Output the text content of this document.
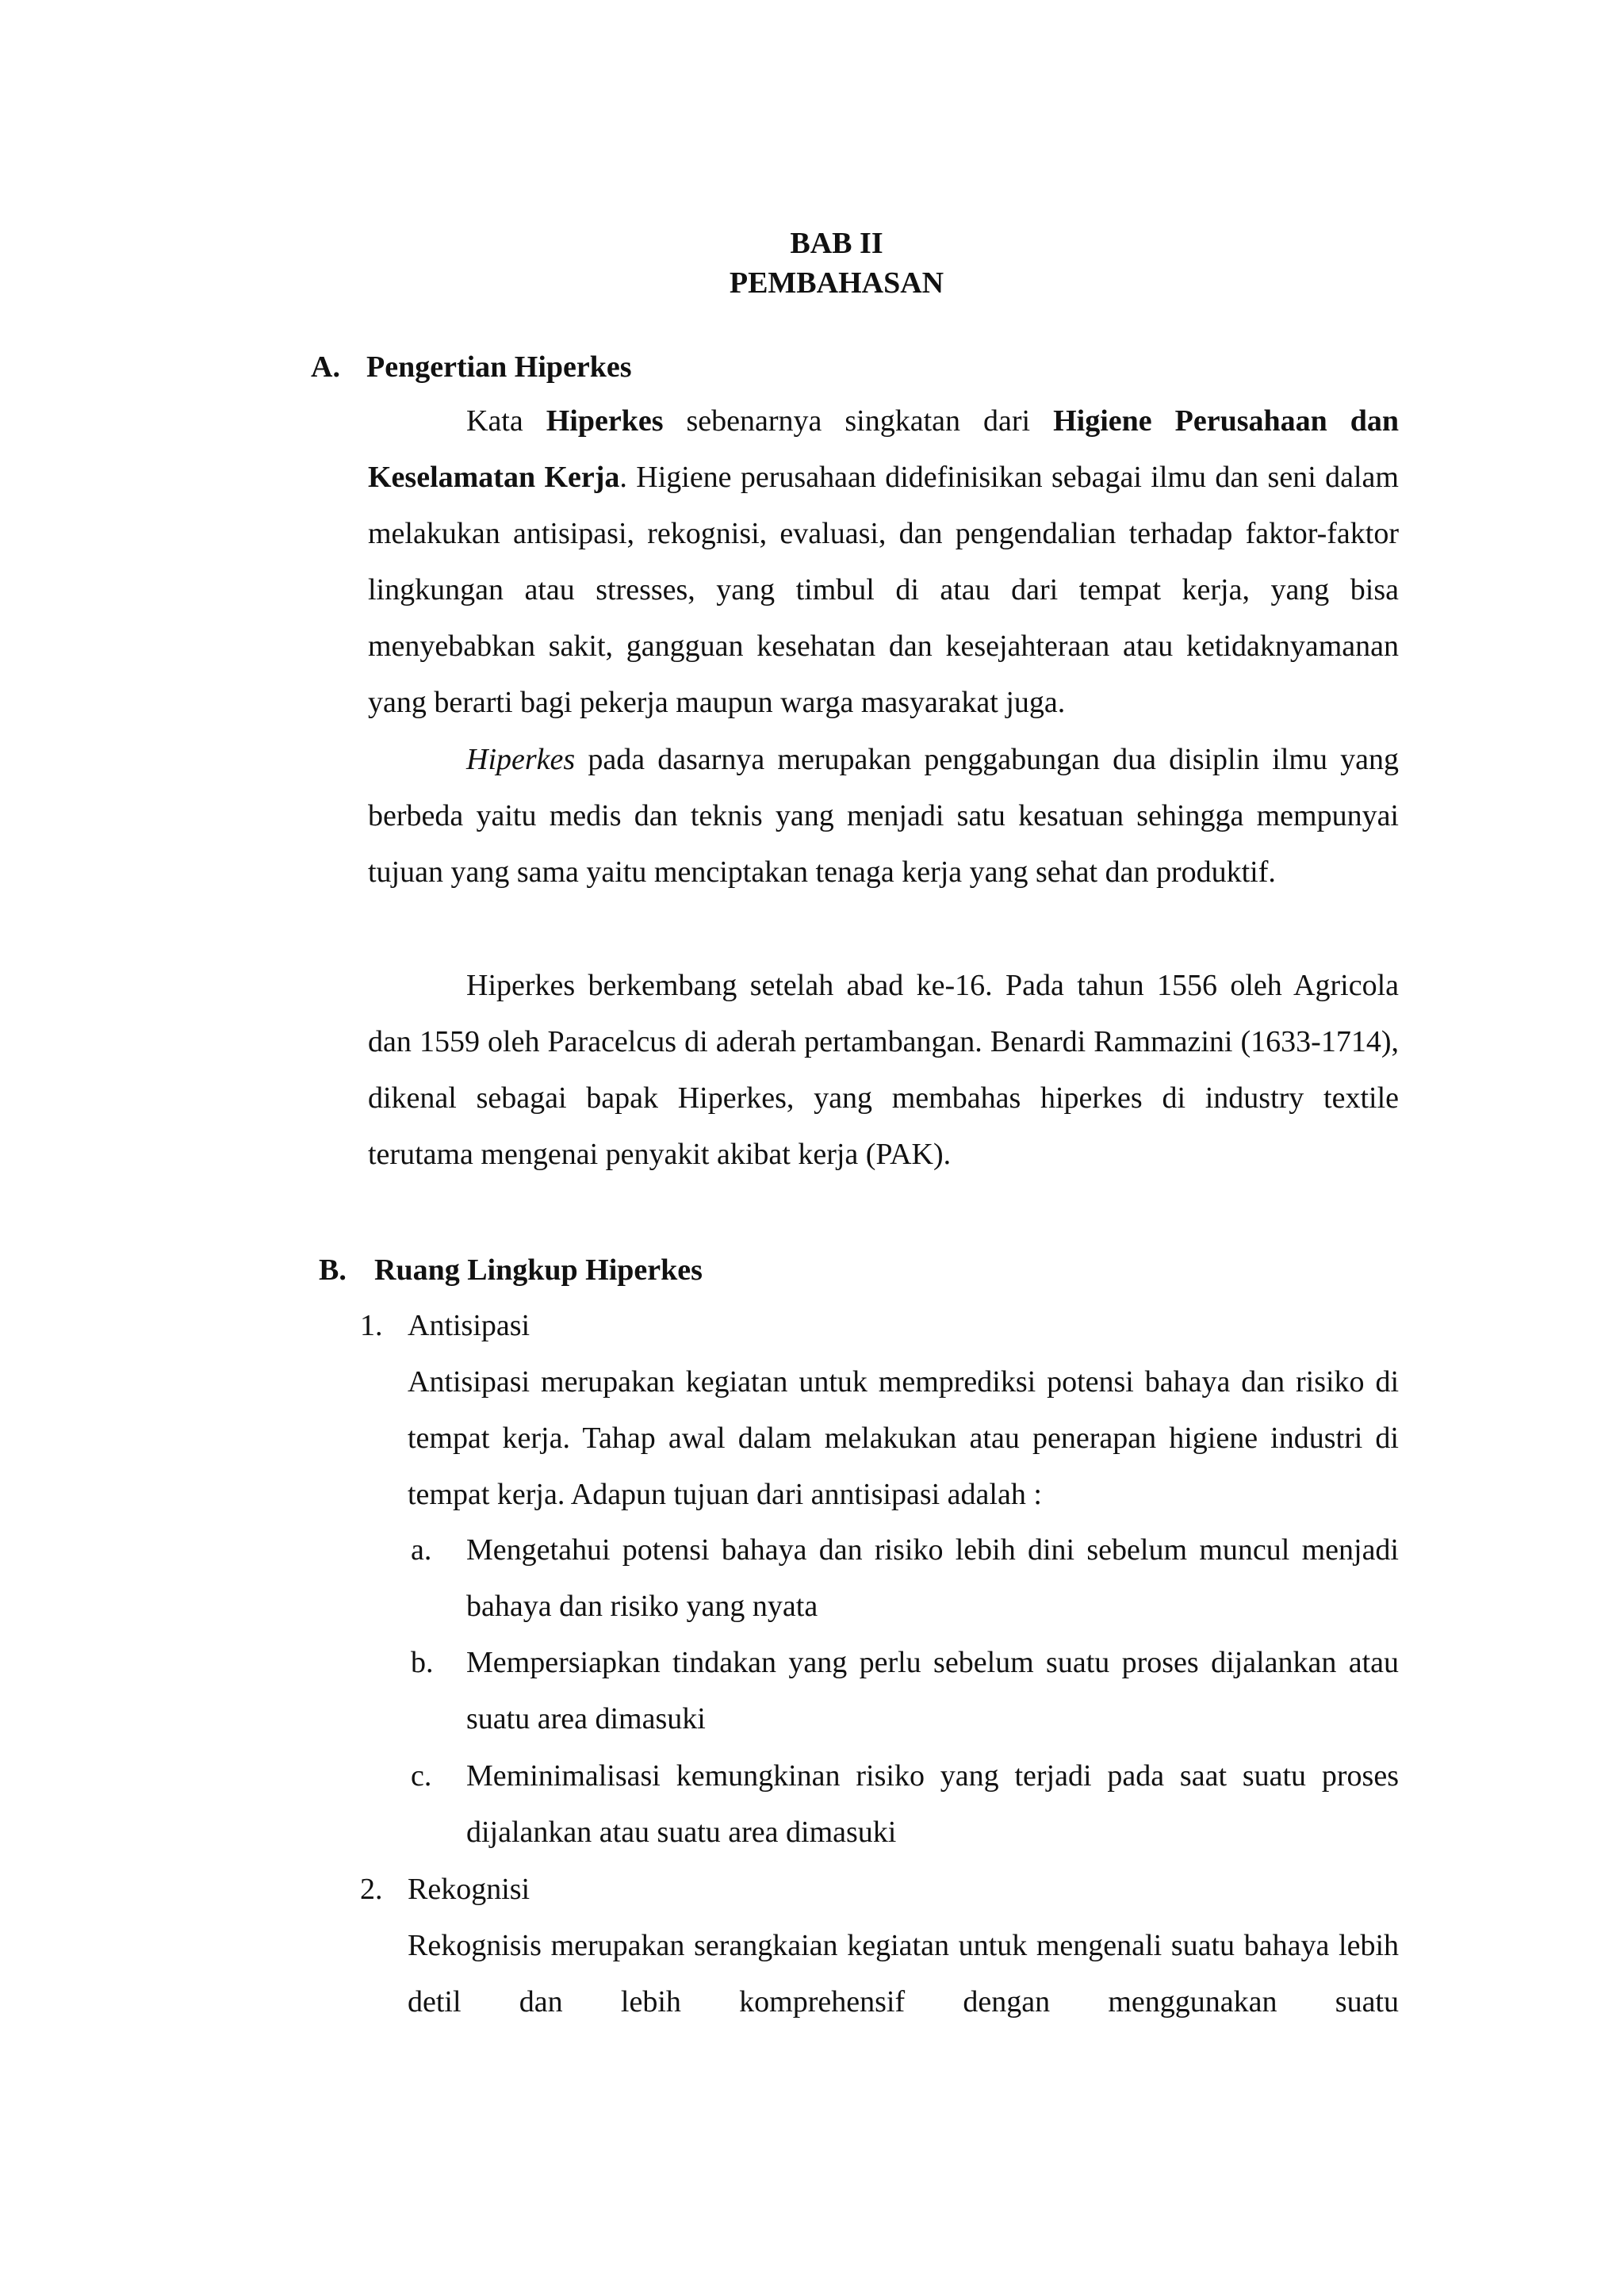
BAB II
PEMBAHASAN
A. Pengertian Hiperkes
Kata Hiperkes sebenarnya singkatan dari Higiene Perusahaan dan Keselamatan Kerja. Higiene perusahaan didefinisikan sebagai ilmu dan seni dalam melakukan antisipasi, rekognisi, evaluasi, dan pengendalian terhadap faktor-faktor lingkungan atau stresses, yang timbul di atau dari tempat kerja, yang bisa menyebabkan sakit, gangguan kesehatan dan kesejahteraan atau ketidaknyamanan yang berarti bagi pekerja maupun warga masyarakat juga.
Hiperkes pada dasarnya merupakan penggabungan dua disiplin ilmu yang berbeda yaitu medis dan teknis yang menjadi satu kesatuan sehingga mempunyai tujuan yang sama yaitu menciptakan tenaga kerja yang sehat dan produktif.
Hiperkes berkembang setelah abad ke-16. Pada tahun 1556 oleh Agricola dan 1559 oleh Paracelcus di aderah pertambangan. Benardi Rammazini (1633-1714), dikenal sebagai bapak Hiperkes, yang membahas hiperkes di industry textile terutama mengenai penyakit akibat kerja (PAK).
B. Ruang Lingkup Hiperkes
1. Antisipasi
Antisipasi merupakan kegiatan untuk memprediksi potensi bahaya dan risiko di tempat kerja. Tahap awal dalam melakukan atau penerapan higiene industri di tempat kerja. Adapun tujuan dari anntisipasi adalah :
a.	Mengetahui potensi bahaya dan risiko lebih dini sebelum muncul menjadi bahaya dan risiko yang nyata
b.	Mempersiapkan tindakan yang perlu sebelum suatu proses dijalankan atau suatu area dimasuki
c.	Meminimalisasi kemungkinan risiko yang terjadi pada saat suatu proses dijalankan atau suatu area dimasuki
2. Rekognisi
Rekognisis merupakan serangkaian kegiatan untuk mengenali suatu bahaya lebih detil dan lebih komprehensif dengan menggunakan suatu
